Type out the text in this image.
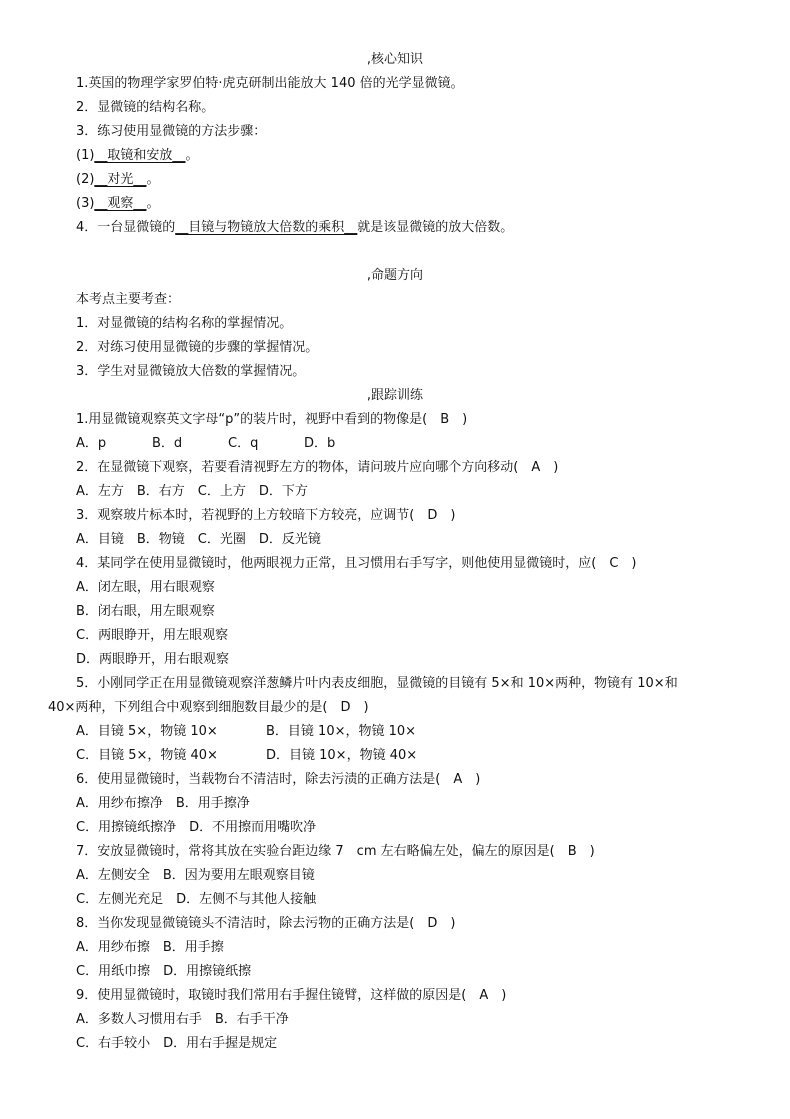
,核心知识
1.英国的物理学家罗伯特·虎克研制出能放大 140 倍的光学显微镜。
2．显微镜的结构名称。
3．练习使用显微镜的方法步骤：
(1)__取镜和安放__。
(2)__对光__。
(3)__观察__。
4．一台显微镜的__目镜与物镜放大倍数的乘积__就是该显微镜的放大倍数。
,命题方向
本考点主要考查：
1．对显微镜的结构名称的掌握情况。
2．对练习使用显微镜的步骤的掌握情况。
3．学生对显微镜放大倍数的掌握情况。
,跟踪训练
1.用显微镜观察英文字母“p”的装片时，视野中看到的物像是(　B　)
A．p	B．d	C．q	D．b
2．在显微镜下观察，若要看清视野左方的物体，请问玻片应向哪个方向移动(　A　)
A．左方　B．右方　C．上方　D．下方
3．观察玻片标本时，若视野的上方较暗下方较亮，应调节(　D　)
A．目镜　B．物镜　C．光圈　D．反光镜
4．某同学在使用显微镜时，他两眼视力正常，且习惯用右手写字，则他使用显微镜时，应(　C　)
A．闭左眼，用右眼观察
B．闭右眼，用左眼观察
C．两眼睁开，用左眼观察
D．两眼睁开，用右眼观察
5．小刚同学正在用显微镜观察洋葱鳞片叶内表皮细胞，显微镜的目镜有 5×和 10×两种，物镜有 10×和
40×两种，下列组合中观察到细胞数目最少的是(　D　)
A．目镜 5×，物镜 10×	B．目镜 10×，物镜 10×
C．目镜 5×，物镜 40×	D．目镜 10×，物镜 40×
6．使用显微镜时，当载物台不清洁时，除去污渍的正确方法是(　A　)
A．用纱布擦净　B．用手擦净
C．用擦镜纸擦净　D．不用擦而用嘴吹净
7．安放显微镜时，常将其放在实验台距边缘 7　cm 左右略偏左处，偏左的原因是(　B　)
A．左侧安全　B．因为要用左眼观察目镜
C．左侧光充足　D．左侧不与其他人接触
8．当你发现显微镜镜头不清洁时，除去污物的正确方法是(　D　)
A．用纱布擦　B．用手擦
C．用纸巾擦　D．用擦镜纸擦
9．使用显微镜时，取镜时我们常用右手握住镜臂，这样做的原因是(　A　)
A．多数人习惯用右手　B．右手干净
C．右手较小　D．用右手握是规定
